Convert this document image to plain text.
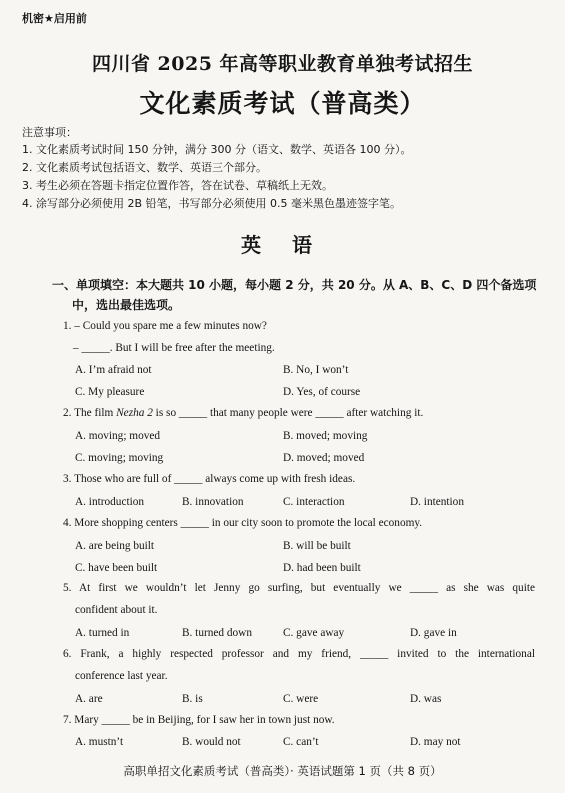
机密★启用前
四川省 2025 年高等职业教育单独考试招生
文化素质考试（普高类）
注意事项：
1. 文化素质考试时间 150 分钟，满分 300 分（语文、数学、英语各 100 分）。
2. 文化素质考试包括语文、数学、英语三个部分。
3. 考生必须在答题卡指定位置作答，答在试卷、草稿纸上无效。
4. 涂写部分必须使用 2B 铅笔，书写部分必须使用 0.5 毫米黑色墨迹签字笔。
英 语
一、单项填空：本大题共 10 小题，每小题 2 分，共 20 分。从 A、B、C、D 四个备选项
中，选出最佳选项。
1. – Could you spare me a few minutes now?
– _____. But I will be free after the meeting.
A. I’m afraid not	B. No, I won’t
C. My pleasure	D. Yes, of course
2. The film Nezha 2 is so _____ that many people were _____ after watching it.
A. moving; moved	B. moved; moving
C. moving; moving	D. moved; moved
3. Those who are full of _____ always come up with fresh ideas.
A. introduction	B. innovation	C. interaction	D. intention
4. More shopping centers _____ in our city soon to promote the local economy.
A. are being built	B. will be built
C. have been built	D. had been built
5. At first we wouldn’t let Jenny go surfing, but eventually we _____ as she was quite
confident about it.
A. turned in	B. turned down	C. gave away	D. gave in
6. Frank, a highly respected professor and my friend, _____ invited to the international
conference last year.
A. are	B. is	C. were	D. was
7. Mary _____ be in Beijing, for I saw her in town just now.
A. mustn’t	B. would not	C. can’t	D. may not
高职单招文化素质考试（普高类）· 英语试题第 1 页（共 8 页）
